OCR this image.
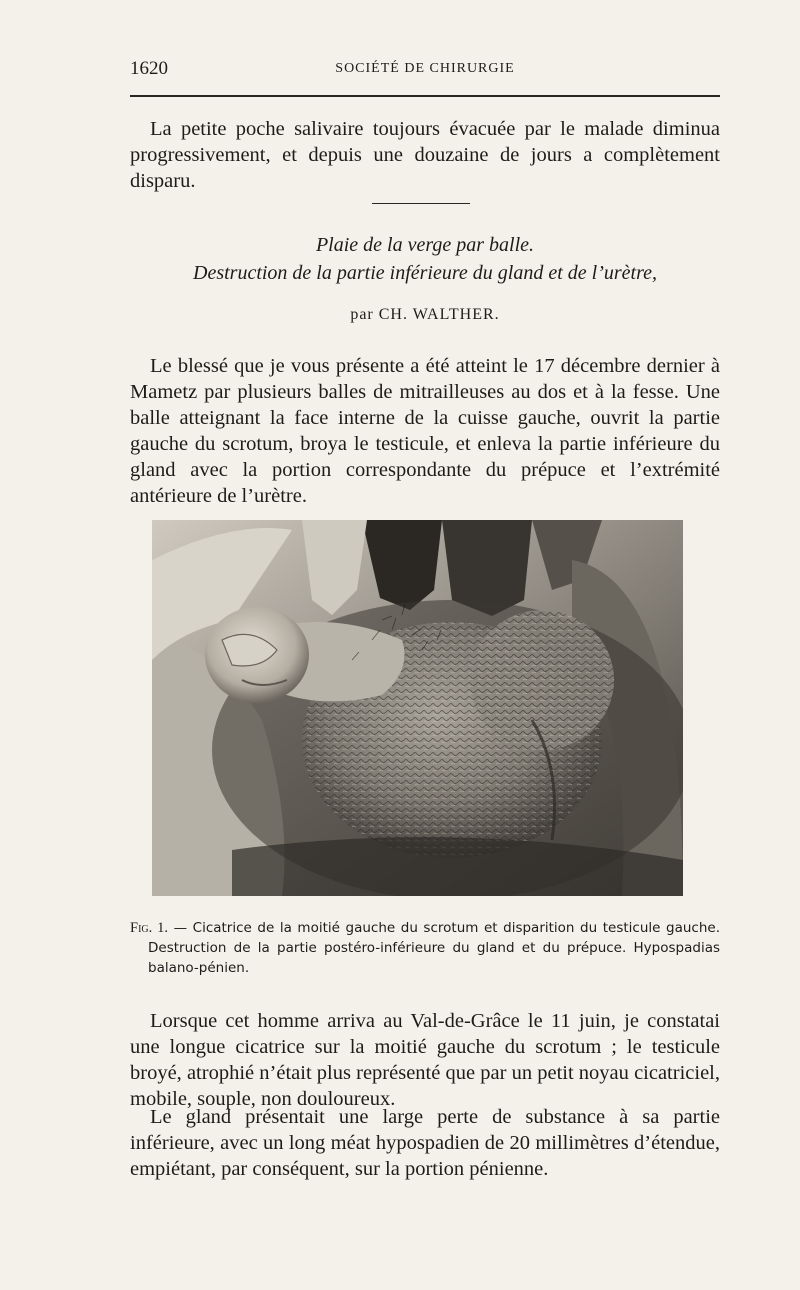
1620	SOCIÉTÉ DE CHIRURGIE

La petite poche salivaire toujours évacuée par le malade diminua progressivement, et depuis une douzaine de jours a complètement disparu.

Plaie de la verge par balle.
Destruction de la partie inférieure du gland et de l’urètre,
par CH. WALTHER.

Le blessé que je vous présente a été atteint le 17 décembre dernier à Mametz par plusieurs balles de mitrailleuses au dos et à la fesse. Une balle atteignant la face interne de la cuisse gauche, ouvrit la partie gauche du scrotum, broya le testicule, et enleva la partie inférieure du gland avec la portion correspondante du prépuce et l’extrémité antérieure de l’urètre.

Fig. 1. — Cicatrice de la moitié gauche du scrotum et disparition du testicule gauche. Destruction de la partie postéro-inférieure du gland et du prépuce. Hypospadias balano-pénien.

Lorsque cet homme arriva au Val-de-Grâce le 11 juin, je constatai une longue cicatrice sur la moitié gauche du scrotum ; le testicule broyé, atrophié n’était plus représenté que par un petit noyau cicatriciel, mobile, souple, non douloureux.

Le gland présentait une large perte de substance à sa partie inférieure, avec un long méat hypospadien de 20 millimètres d’étendue, empiétant, par conséquent, sur la portion pénienne.
